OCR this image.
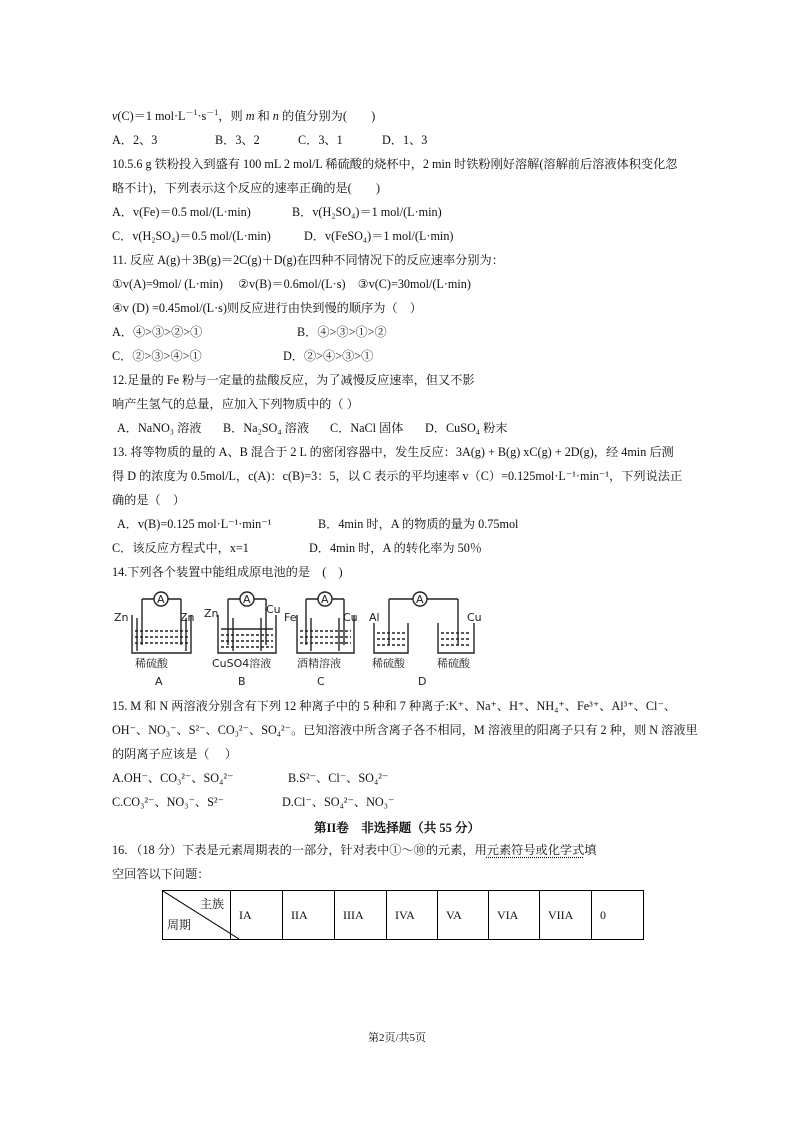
v(C)＝1 $mol\cdot L^{-1}\cdot s^{-1}$，则 m 和 n 的值分别为(　　)
A．2、3	B．3、2	C．3、1	D．1、3
10.5.6 g 铁粉投入到盛有 100 mL 2 mol/L 稀硫酸的烧杯中，2 min 时铁粉刚好溶解(溶解前后溶液体积变化忽
略不计)，下列表示这个反应的速率正确的是(　　)
A．v(Fe)＝0.5 mol/(L·min)	B．v(H₂SO₄)＝1 mol/(L·min)
C．v(H₂SO₄)＝0.5 mol/(L·min)	D．v(FeSO₄)＝1 mol/(L·min)
11. 反应 A(g)＋3B(g)＝2C(g)＋D(g)在四种不同情况下的反应速率分别为：
①v(A)=9mol/ (L·min)　 ②v(B)＝0.6mol/(L·s)　③v(C)=30mol/(L·min)
④v (D) =0.45mol/(L·s)则反应进行由快到慢的顺序为（　）
A．④>③>②>①	B．④>③>①>②
C．②>③>④>①	D．②>④>③>①
12.足量的 Fe 粉与一定量的盐酸反应，为了减慢反应速率，但又不影
响产生氢气的总量，应加入下列物质中的（ ）
A．NaNO₃ 溶液 B．Na₂SO₄ 溶液 C．NaCl 固体 D．CuSO₄ 粉末
13. 将等物质的量的 A、B 混合于 2 L 的密闭容器中，发生反应：3A(g) + B(g) xC(g) + 2D(g)，经 4min 后测
得 D 的浓度为 0.5mol/L，c(A)：c(B)=3：5，以 C 表示的平均速率 v（C）=0.125mol·L⁻¹·min⁻¹，下列说法正
确的是（　）
A．v(B)=0.125 mol·L⁻¹·min⁻¹	B．4min 时，A 的物质的量为 0.75mol
C．该反应方程式中，x=1	D．4min 时，A 的转化率为 50％
14.下列各个装置中能组成原电池的是　(　)
A	A	A	A
Zn	Zn Zn	Cu
Fe	Cu Al	Cu
稀硫酸	CuSO4溶液 酒精溶液	稀硫酸	稀硫酸
A	B	C	D
15. M 和 N 两溶液分别含有下列 12 种离子中的 5 种和 7 种离子:K⁺、Na⁺、H⁺、NH₄⁺、Fe³⁺、Al³⁺、Cl⁻、
OH⁻、NO₃⁻、S²⁻、CO₃²⁻、SO₄²⁻。已知溶液中所含离子各不相同，M 溶液里的阳离子只有 2 种，则 N 溶液里
的阴离子应该是（　 ）
A.OH⁻、CO₃²⁻、SO₄²⁻	B.S²⁻、Cl⁻、SO₄²⁻
C.CO₃²⁻、NO₃⁻、S²⁻	D.Cl⁻、SO₄²⁻、NO₃⁻
第II卷　非选择题（共 55 分）
16. （18 分）下表是元素周期表的一部分，针对表中①～⑩的元素，用元素符号或化学式填
空回答以下问题：
主族
周期
	IA	IIA	IIIA	IVA	VA	VIA	VIIA	0
第2页/共5页
